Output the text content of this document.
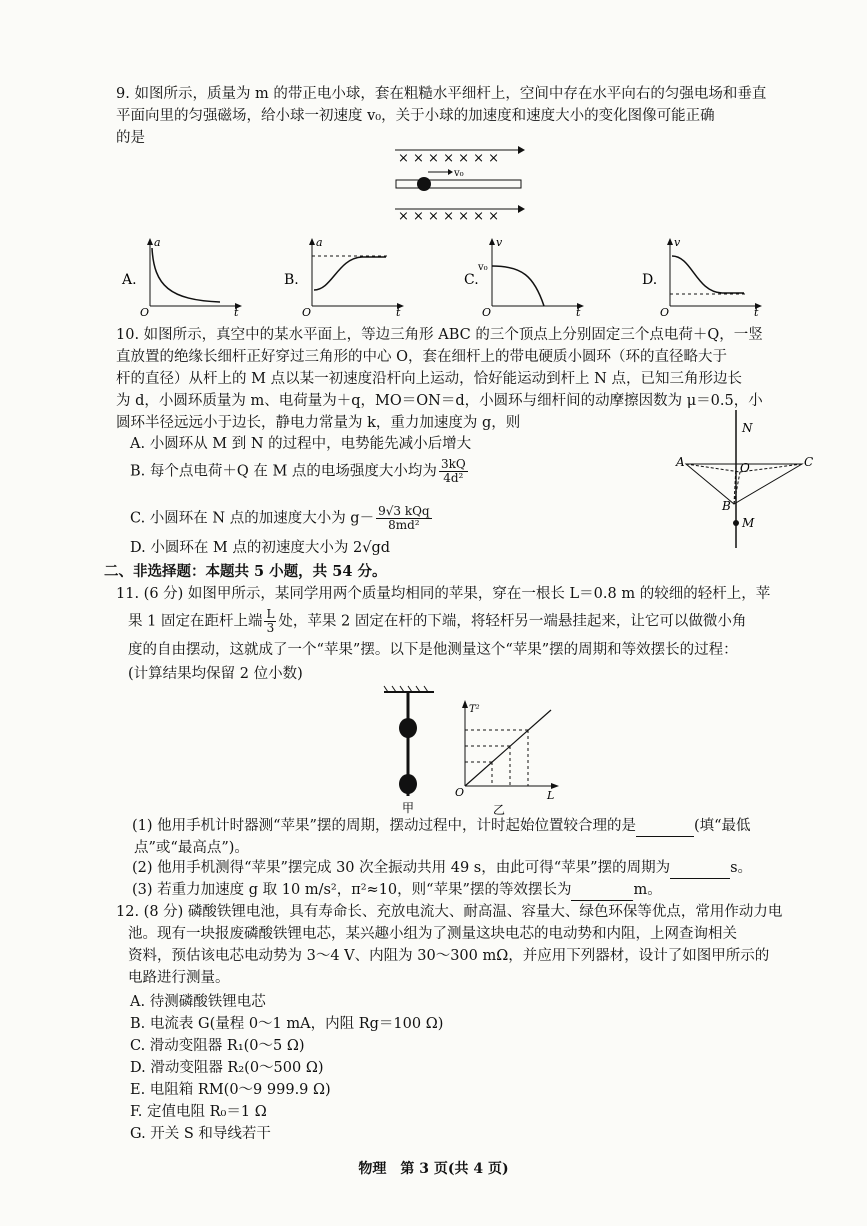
9. 如图所示，质量为 m 的带正电小球，套在粗糙水平细杆上，空间中存在水平向右的匀强电场和垂直
平面向里的匀强磁场，给小球一初速度 v₀，关于小球的加速度和速度大小的变化图像可能正确
的是
× × × × × × ×
v₀
× × × × × × ×
A.
a
t
O
B.
a
t
O
C.
v
t
O
v₀
D.
v
t
O
10. 如图所示，真空中的某水平面上，等边三角形 ABC 的三个顶点上分别固定三个点电荷＋Q，一竖
直放置的绝缘长细杆正好穿过三角形的中心 O，套在细杆上的带电硬质小圆环（环的直径略大于
杆的直径）从杆上的 M 点以某一初速度沿杆向上运动，恰好能运动到杆上 N 点，已知三角形边长
为 d，小圆环质量为 m、电荷量为＋q，MO＝ON＝d，小圆环与细杆间的动摩擦因数为 μ＝0.5，小
圆环半径远远小于边长，静电力常量为 k，重力加速度为 g，则
A. 小圆环从 M 到 N 的过程中，电势能先减小后增大
B. 每个点电荷＋Q 在 M 点的电场强度大小均为 $\frac{3kQ}{\text{4d²}}$
C. 小圆环在 N 点的加速度大小为 $g- \frac{\text{9√3 kQq}}{\text{8md²}}$
D. 小圆环在 M 点的初速度大小为 2√gd
N
A	C
O
B
M
二、非选择题：本题共 5 小题，共 54 分。
11. (6 分) 如图甲所示，某同学用两个质量均相同的苹果，穿在一根长 L＝0.8 m 的较细的轻杆上，苹
果 1 固定在距杆上端 $\frac{L}{3}$ 处，苹果 2 固定在杆的下端，将轻杆另一端悬挂起来，让它可以做微小角
度的自由摆动，这就成了一个“苹果”摆。以下是他测量这个“苹果”摆的周期和等效摆长的过程：
(计算结果均保留 2 位小数)
甲
T²
L
O
乙
(1) 他用手机计时器测“苹果”摆的周期，摆动过程中，计时起始位置较合理的是	(填“最低
点”或“最高点”)。
(2) 他用手机测得“苹果”摆完成 30 次全振动共用 49 s，由此可得“苹果”摆的周期为	s。
(3) 若重力加速度 g 取 10 m/s²，π²≈10，则“苹果”摆的等效摆长为	m。
12. (8 分) 磷酸铁锂电池，具有寿命长、充放电流大、耐高温、容量大、绿色环保等优点，常用作动力电
池。现有一块报废磷酸铁锂电芯，某兴趣小组为了测量这块电芯的电动势和内阻，上网查询相关
资料，预估该电芯电动势为 3～4 V、内阻为 30～300 mΩ，并应用下列器材，设计了如图甲所示的
电路进行测量。
A. 待测磷酸铁锂电芯
B. 电流表 G(量程 0～1 mA，内阻 Rg＝100 Ω)
C. 滑动变阻器 R₁(0～5 Ω)
D. 滑动变阻器 R₂(0～500 Ω)
E. 电阻箱 RM(0～9 999.9 Ω)
F. 定值电阻 R₀＝1 Ω
G. 开关 S 和导线若干
物理　第 3 页(共 4 页)
